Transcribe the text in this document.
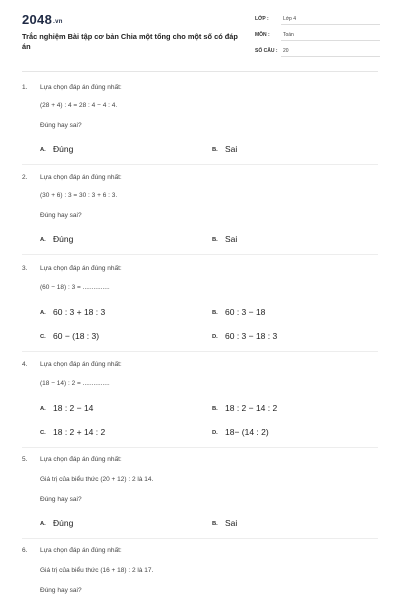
2048.vn
Trắc nghiệm Bài tập cơ bản Chia một tổng cho một số có đáp án
LỚP :	Lớp 4
MÔN :	Toán
SỐ CÂU : 20
1. Lựa chọn đáp án đúng nhất:
(28 + 4) : 4 = 28 : 4 − 4 : 4.
Đúng hay sai?
A. Đúng	B. Sai
2. Lựa chọn đáp án đúng nhất:
(30 + 6) : 3 = 30 : 3 + 6 : 3.
Đúng hay sai?
A. Đúng	B. Sai
3. Lựa chọn đáp án đúng nhất:
(60 − 18) : 3 = ...............
A. 60 : 3 + 18 : 3	B. 60 : 3 − 18
C. 60 − (18 : 3)	D. 60 : 3 − 18 : 3
4. Lựa chọn đáp án đúng nhất:
(18 − 14) : 2 = ...............
A. 18 : 2 − 14	B. 18 : 2 − 14 : 2
C. 18 : 2 + 14 : 2	D. 18− (14 : 2)
5. Lựa chọn đáp án đúng nhất:
Giá trị của biểu thức (20 + 12) : 2 là 14.
Đúng hay sai?
A. Đúng	B. Sai
6. Lựa chọn đáp án đúng nhất:
Giá trị của biểu thức (16 + 18) : 2 là 17.
Đúng hay sai?
